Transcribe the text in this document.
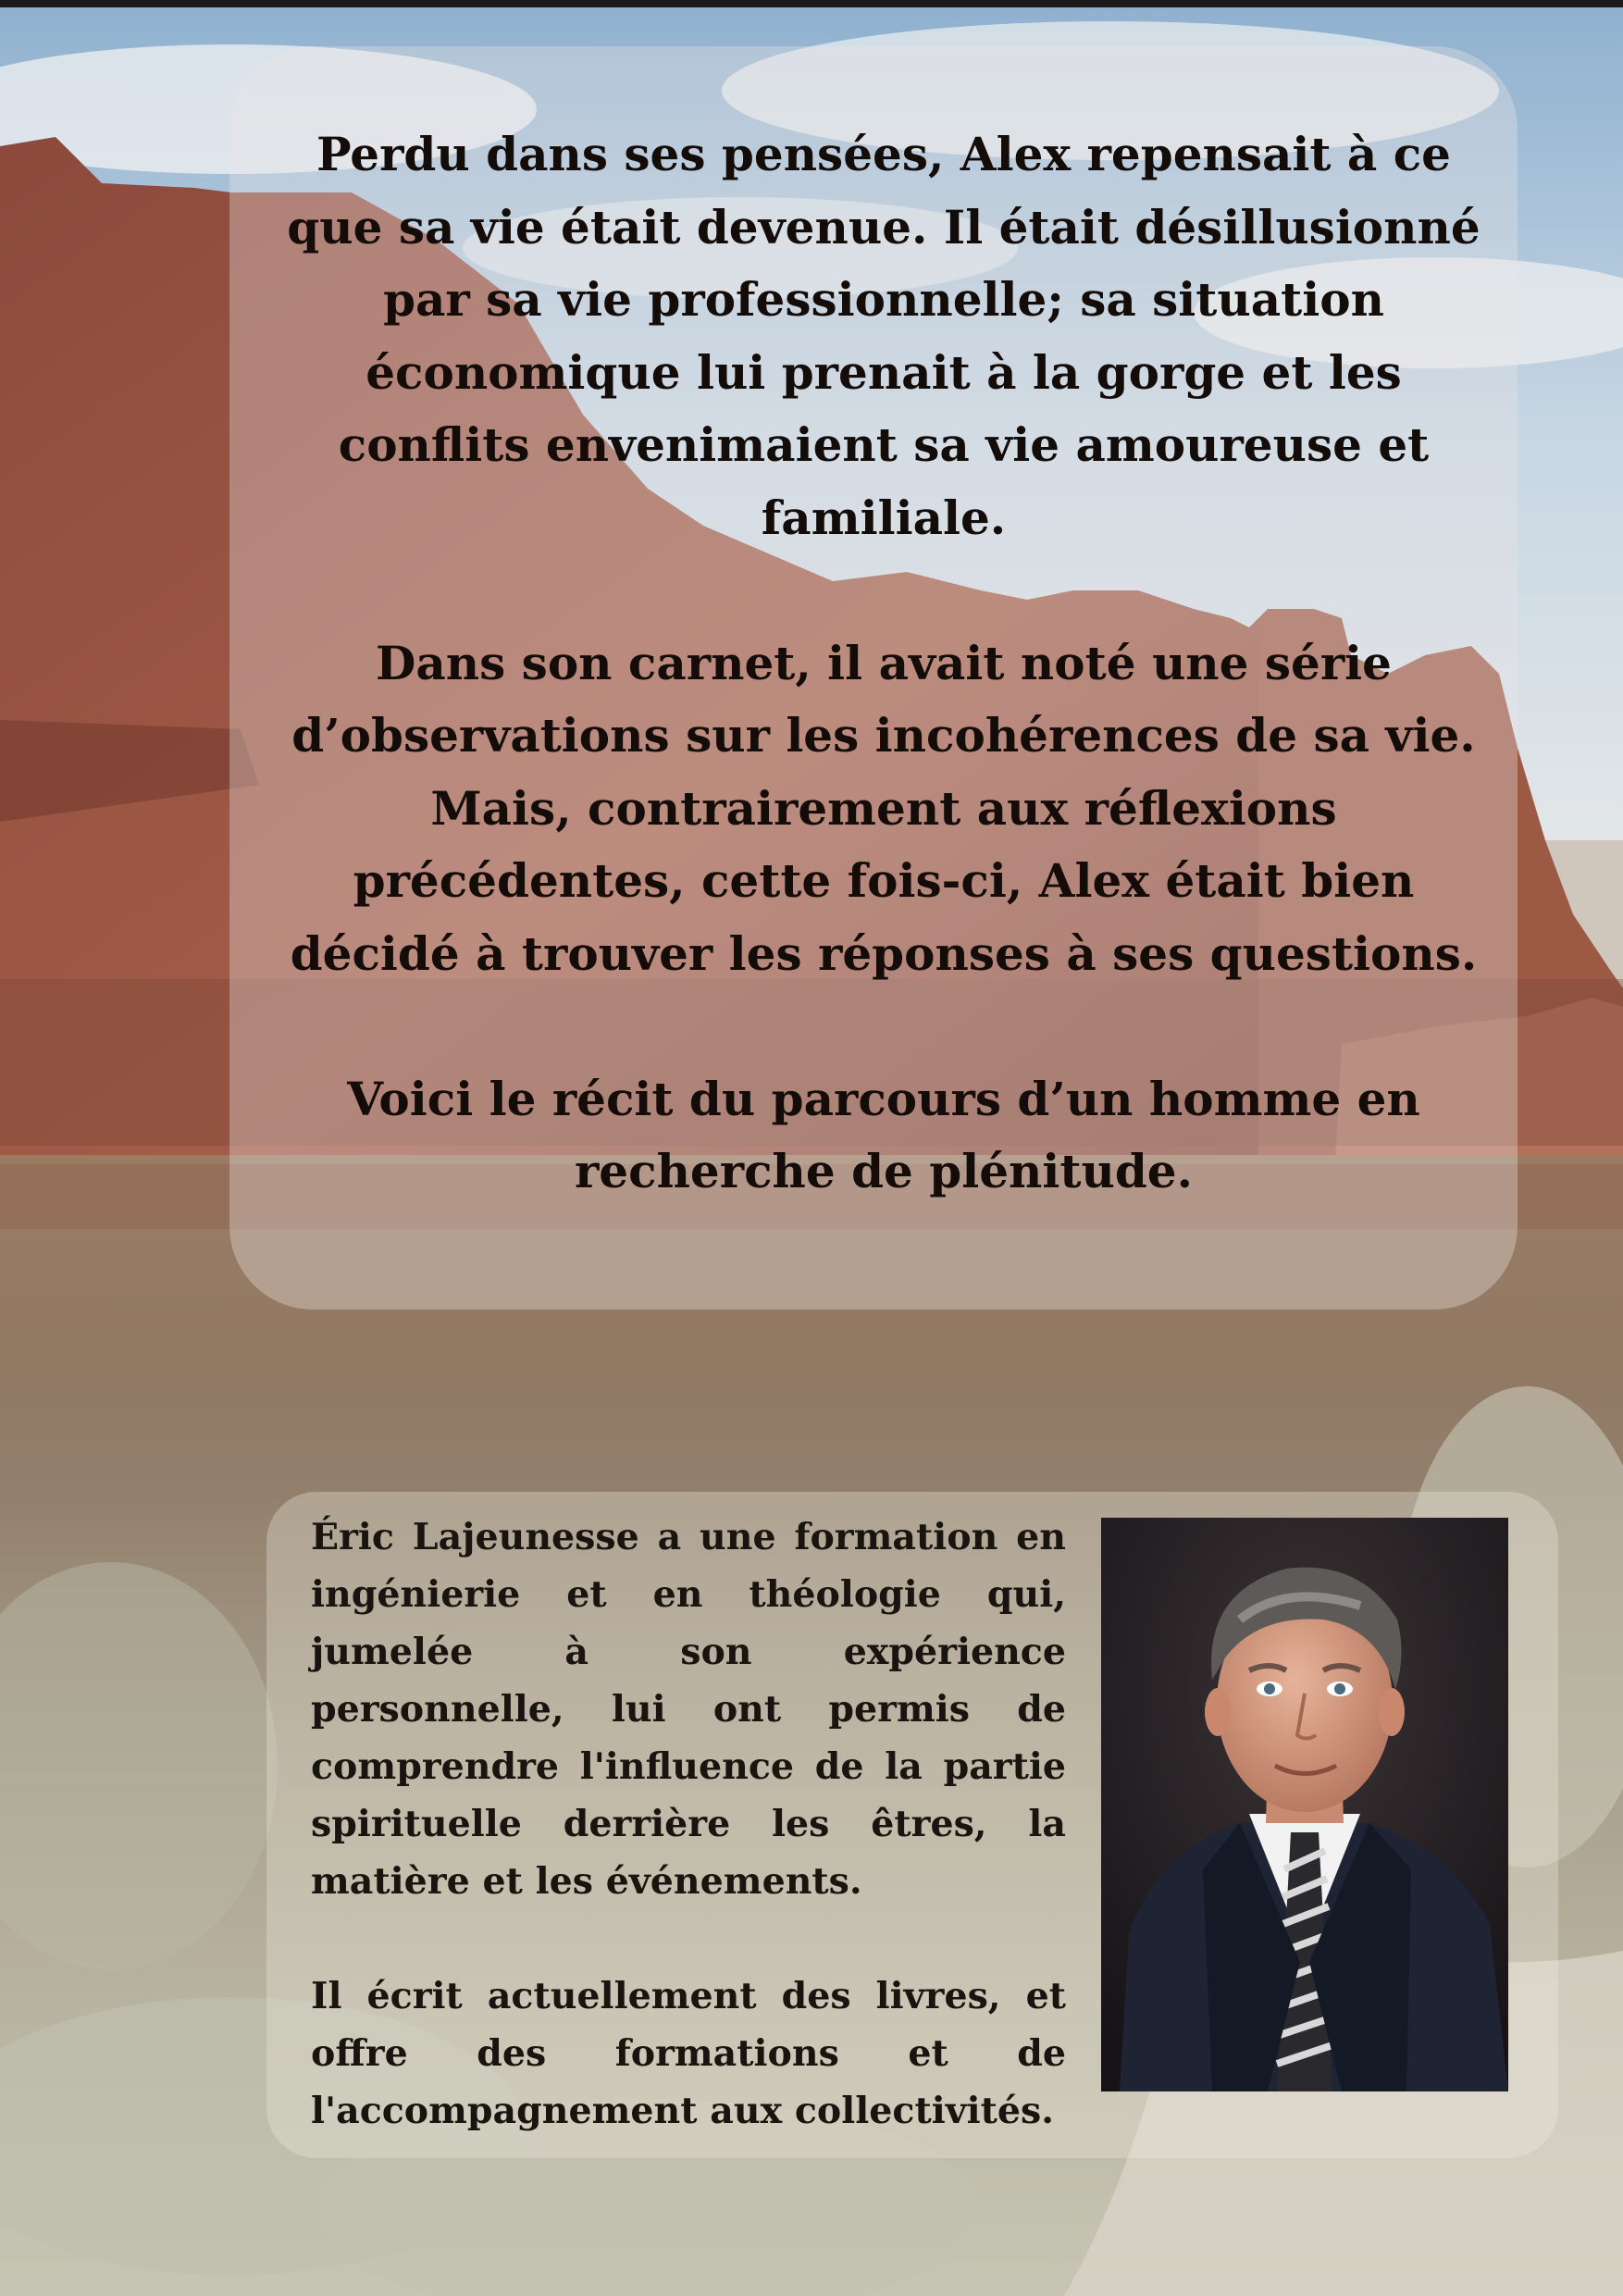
Perdu dans ses pensées, Alex repensait à ce que sa vie était devenue. Il était désillusionné par sa vie professionnelle; sa situation économique lui prenait à la gorge et les conflits envenimaient sa vie amoureuse et familiale.

Dans son carnet, il avait noté une série d’observations sur les incohérences de sa vie. Mais, contrairement aux réflexions précédentes, cette fois-ci, Alex était bien décidé à trouver les réponses à ses questions.

Voici le récit du parcours d’un homme en recherche de plénitude.

Éric Lajeunesse a une formation en ingénierie et en théologie qui, jumelée à son expérience personnelle, lui ont permis de comprendre l'influence de la partie spirituelle derrière les êtres, la matière et les événements.

Il écrit actuellement des livres, et offre des formations et de l'accompagnement aux collectivités.
